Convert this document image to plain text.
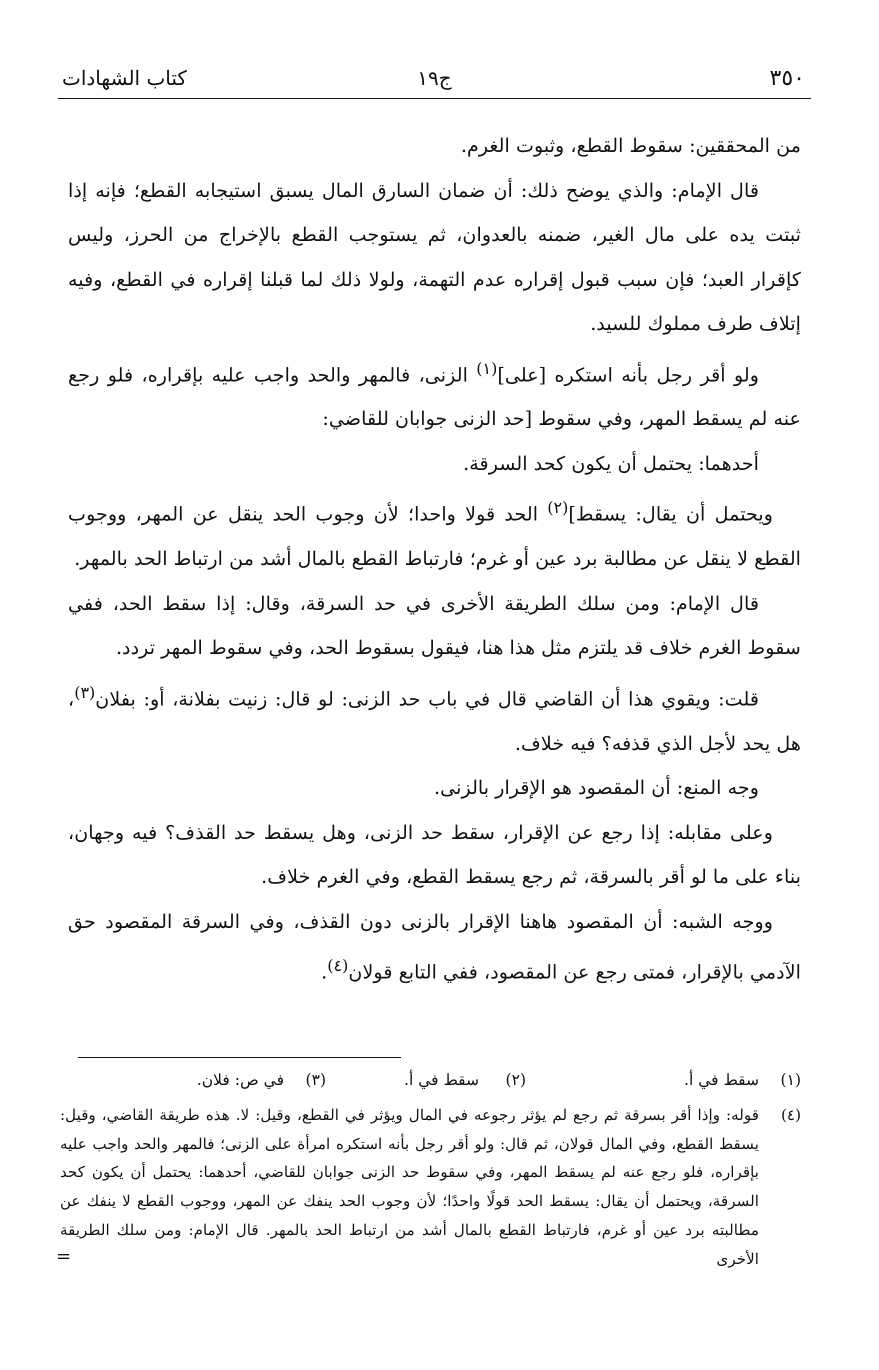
٣٥٠
ج١٩
كتاب الشهادات

من المحققين: سقوط القطع، وثبوت الغرم.

قال الإمام: والذي يوضح ذلك: أن ضمان السارق المال يسبق استيجابه القطع؛ فإنه إذا ثبتت يده على مال الغير، ضمنه بالعدوان، ثم يستوجب القطع بالإخراج من الحرز، وليس كإقرار العبد؛ فإن سبب قبول إقراره عدم التهمة، ولولا ذلك لما قبلنا إقراره في القطع، وفيه إتلاف طرف مملوك للسيد.

ولو أقر رجل بأنه استكره [على]$^{(١)}$ الزنى، فالمهر والحد واجب عليه بإقراره، فلو رجع عنه لم يسقط المهر، وفي سقوط [حد الزنى جوابان للقاضي:

أحدهما: يحتمل أن يكون كحد السرقة.

ويحتمل أن يقال: يسقط]$^{(٢)}$ الحد قولا واحدا؛ لأن وجوب الحد ينقل عن المهر، ووجوب القطع لا ينقل عن مطالبة برد عين أو غرم؛ فارتباط القطع بالمال أشد من ارتباط الحد بالمهر.

قال الإمام: ومن سلك الطريقة الأخرى في حد السرقة، وقال: إذا سقط الحد، ففي سقوط الغرم خلاف قد يلتزم مثل هذا هنا، فيقول بسقوط الحد، وفي سقوط المهر تردد.

قلت: ويقوي هذا أن القاضي قال في باب حد الزنى: لو قال: زنيت بفلانة، أو: بفلان$^{(٣)}$، هل يحد لأجل الذي قذفه؟ فيه خلاف.

وجه المنع: أن المقصود هو الإقرار بالزنى.

وعلى مقابله: إذا رجع عن الإقرار، سقط حد الزنى، وهل يسقط حد القذف؟ فيه وجهان، بناء على ما لو أقر بالسرقة، ثم رجع يسقط القطع، وفي الغرم خلاف.

ووجه الشبه: أن المقصود هاهنا الإقرار بالزنى دون القذف، وفي السرقة المقصود حق الآدمي بالإقرار، فمتى رجع عن المقصود، ففي التابع قولان$^{(٤)}$.

(١)
سقط في أ.
(٢)
سقط في أ.
(٣)
في ص: فلان.
(٤)
قوله: وإذا أقر بسرقة ثم رجع لم يؤثر رجوعه في المال ويؤثر في القطع، وقيل: لا. هذه طريقة القاضي، وقيل: يسقط القطع، وفي المال قولان، ثم قال: ولو أقر رجل بأنه استكره امرأة على الزنى؛ فالمهر والحد واجب عليه بإقراره، فلو رجع عنه لم يسقط المهر، وفي سقوط حد الزنى جوابان للقاضي، أحدهما: يحتمل أن يكون كحد السرقة، ويحتمل أن يقال: يسقط الحد قولًا واحدًا؛ لأن وجوب الحد ينفك عن المهر، ووجوب القطع لا ينفك عن مطالبته برد عين أو غرم، فارتباط القطع بالمال أشد من ارتباط الحد بالمهر. قال الإمام: ومن سلك الطريقة الأخرى
=
